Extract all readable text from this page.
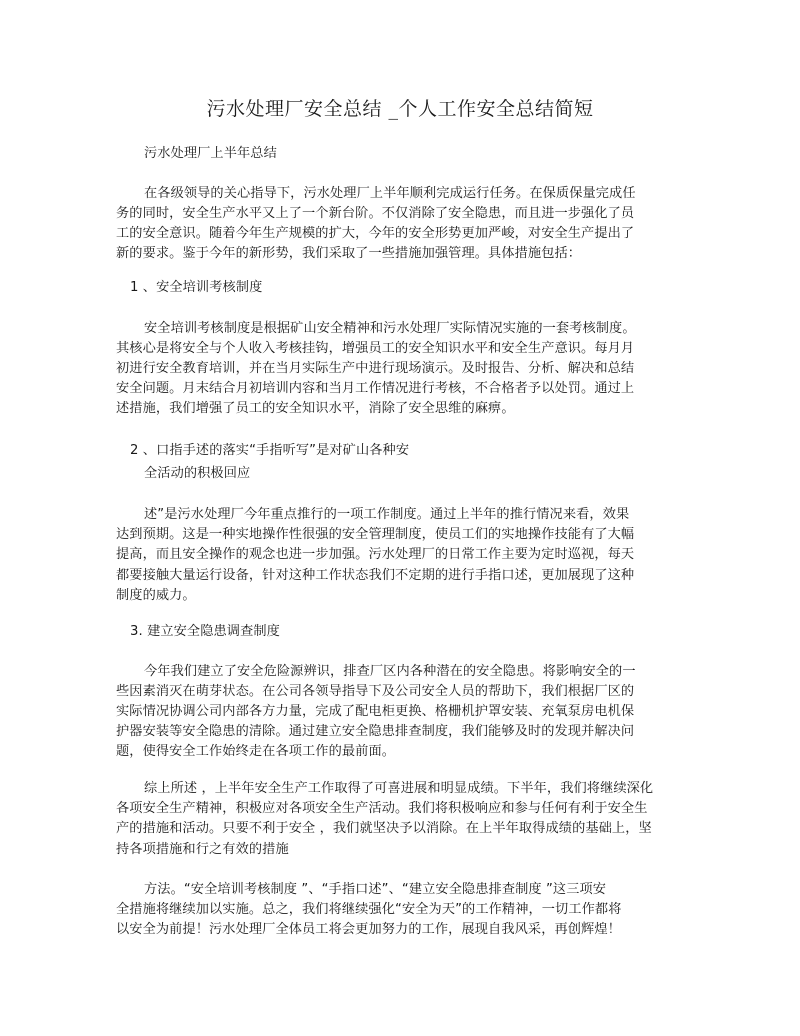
污水处理厂安全总结 _个人工作安全总结简短
污水处理厂上半年总结
在各级领导的关心指导下，污水处理厂上半年顺利完成运行任务。在保质保量完成任
务的同时，安全生产水平又上了一个新台阶。不仅消除了安全隐患，而且进一步强化了员
工的安全意识。随着今年生产规模的扩大，今年的安全形势更加严峻，对安全生产提出了
新的要求。鉴于今年的新形势，我们采取了一些措施加强管理。具体措施包括：
1 、安全培训考核制度
安全培训考核制度是根据矿山安全精神和污水处理厂实际情况实施的一套考核制度。
其核心是将安全与个人收入考核挂钩，增强员工的安全知识水平和安全生产意识。每月月
初进行安全教育培训，并在当月实际生产中进行现场演示。及时报告、分析、解决和总结
安全问题。月末结合月初培训内容和当月工作情况进行考核，不合格者予以处罚。通过上
述措施，我们增强了员工的安全知识水平，消除了安全思维的麻痹。
2 、口指手述的落实“手指听写”是对矿山各种安
全活动的积极回应
述”是污水处理厂今年重点推行的一项工作制度。通过上半年的推行情况来看，效果
达到预期。这是一种实地操作性很强的安全管理制度，使员工们的实地操作技能有了大幅
提高，而且安全操作的观念也进一步加强。污水处理厂的日常工作主要为定时巡视，每天
都要接触大量运行设备，针对这种工作状态我们不定期的进行手指口述，更加展现了这种
制度的威力。
3. 建立安全隐患调查制度
今年我们建立了安全危险源辨识，排查厂区内各种潜在的安全隐患。将影响安全的一
些因素消灭在萌芽状态。在公司各领导指导下及公司安全人员的帮助下，我们根据厂区的
实际情况协调公司内部各方力量，完成了配电柜更换、格栅机护罩安装、充氧泵房电机保
护器安装等安全隐患的清除。通过建立安全隐患排查制度，我们能够及时的发现并解决问
题，使得安全工作始终走在各项工作的最前面。
综上所述 ，上半年安全生产工作取得了可喜进展和明显成绩。下半年，我们将继续深化
各项安全生产精神，积极应对各项安全生产活动。我们将积极响应和参与任何有利于安全生
产的措施和活动。只要不利于安全 ，我们就坚决予以消除。在上半年取得成绩的基础上，坚
持各项措施和行之有效的措施
方法。“安全培训考核制度 ”、“手指口述”、“建立安全隐患排查制度 ”这三项安
全措施将继续加以实施。总之，我们将继续强化“安全为天”的工作精神，一切工作都将
以安全为前提！污水处理厂全体员工将会更加努力的工作，展现自我风采，再创辉煌！
